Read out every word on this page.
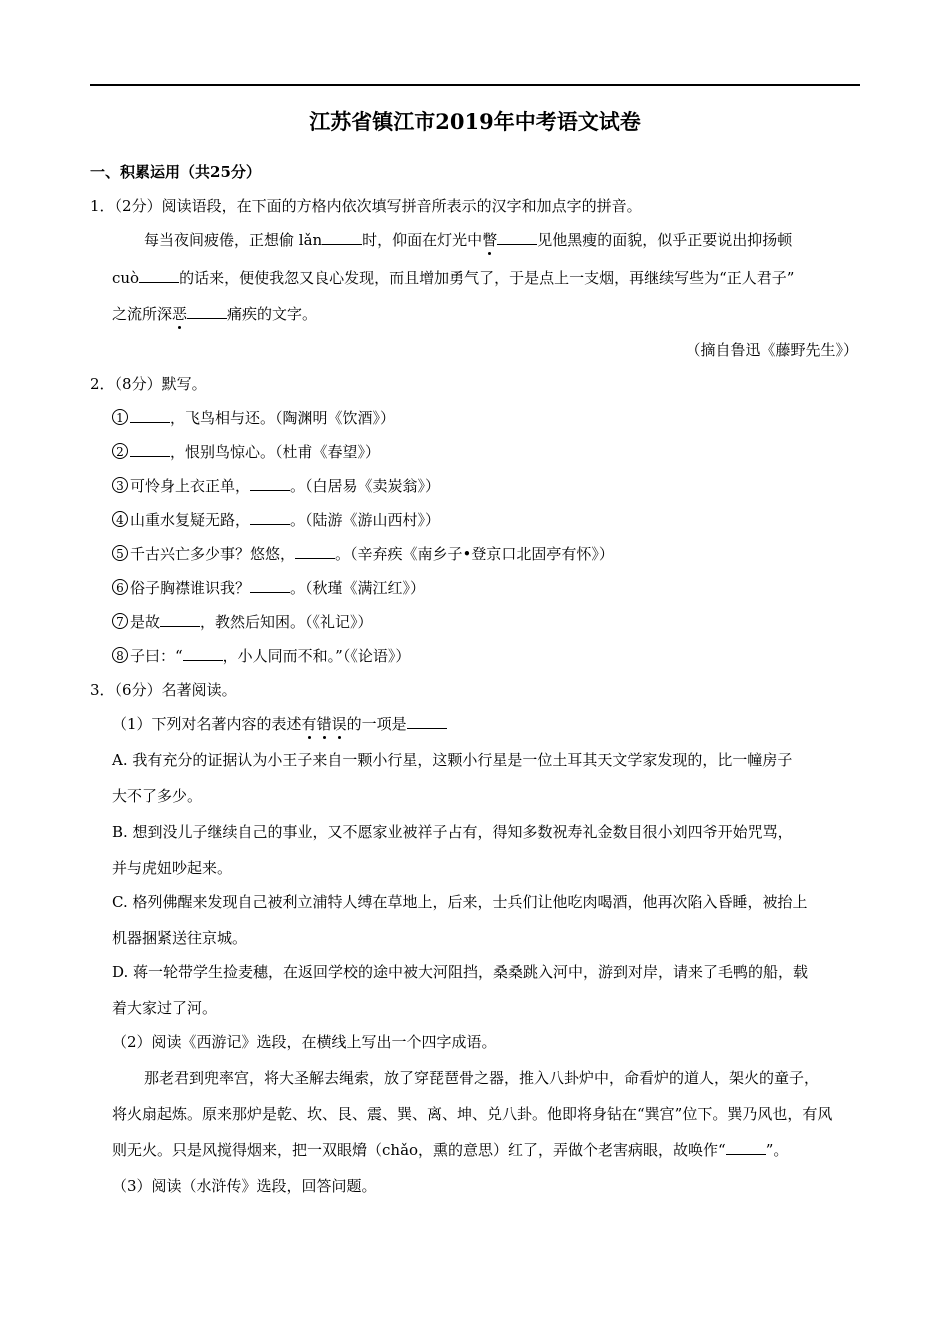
江苏省镇江市2019年中考语文试卷
一、积累运用（共25分）
1．（2分）阅读语段，在下面的方格内依次填写拼音所表示的汉字和加点字的拼音。
每当夜间疲倦，正想偷 lǎn	时，仰面在灯光中瞥	见他黑瘦的面貌，似乎正要说出抑扬顿
cuò	的话来，便使我忽又良心发现，而且增加勇气了，于是点上一支烟，再继续写些为“正人君子”
之流所深恶	痛疾的文字。
（摘自鲁迅《藤野先生》）
2．（8分）默写。
1	，飞鸟相与还。（陶渊明《饮酒》）
2	，恨别鸟惊心。（杜甫《春望》）
3 可怜身上衣正单，	。（白居易《卖炭翁》）
4 山重水复疑无路，	。（陆游《游山西村》）
5 千古兴亡多少事？悠悠，	。（辛弃疾《南乡子•登京口北固亭有怀》）
6 俗子胸襟谁识我？	。（秋瑾《满江红》）
7 是故	，教然后知困。（《礼记》）
8 子曰：“	，小人同而不和。”（《论语》）
3．（6分）名著阅读。
（1）下列对名著内容的表述有错误的一项是
A. 我有充分的证据认为小王子来自一颗小行星，这颗小行星是一位土耳其天文学家发现的，比一幢房子
大不了多少。
B. 想到没儿子继续自己的事业，又不愿家业被祥子占有，得知多数祝寿礼金数目很小刘四爷开始咒骂，
并与虎妞吵起来。
C. 格列佛醒来发现自己被利立浦特人缚在草地上，后来，士兵们让他吃肉喝酒，他再次陷入昏睡，被抬上
机器捆紧送往京城。
D. 蒋一轮带学生捡麦穗，在返回学校的途中被大河阻挡，桑桑跳入河中，游到对岸，请来了毛鸭的船，载
着大家过了河。
（2）阅读《西游记》选段，在横线上写出一个四字成语。
那老君到兜率宫，将大圣解去绳索，放了穿琵琶骨之器，推入八卦炉中，命看炉的道人，架火的童子，
将火扇起炼。原来那炉是乾、坎、艮、震、巽、离、坤、兑八卦。他即将身钻在“巽宫”位下。巽乃风也，有风
则无火。只是风搅得烟来，把一双眼熁（chǎo，熏的意思）红了，弄做个老害病眼，故唤作“	”。
（3）阅读（水浒传》选段，回答问题。
